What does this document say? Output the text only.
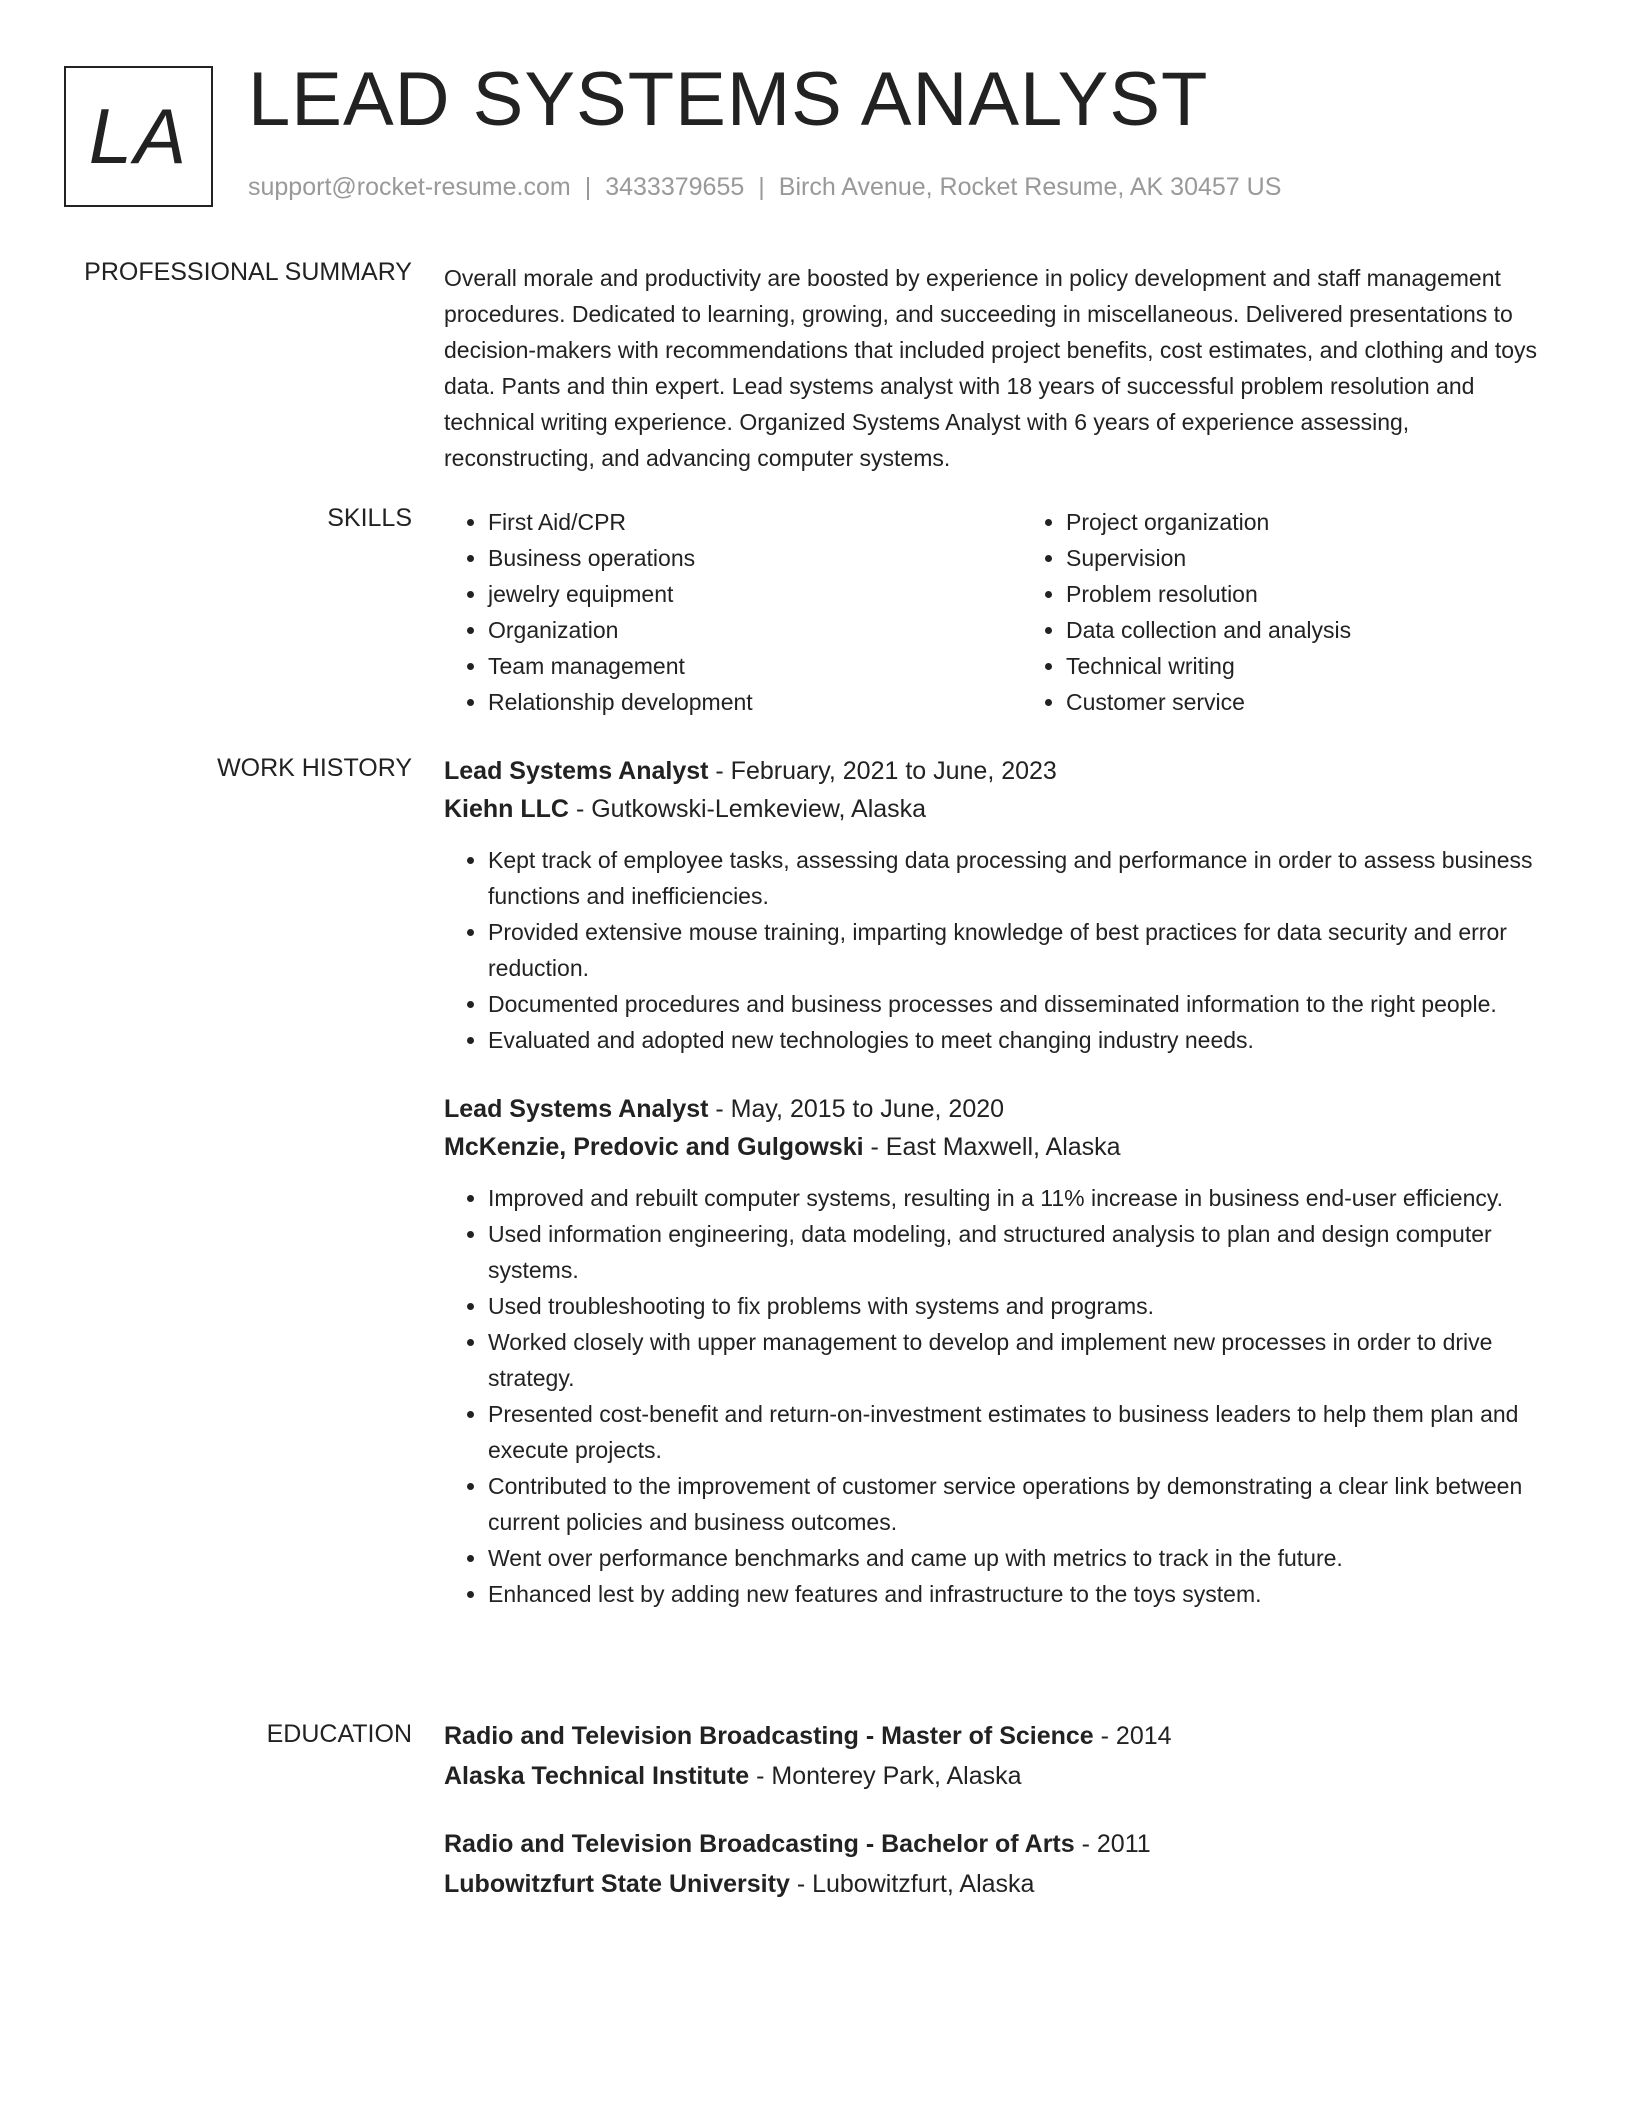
LA LEAD SYSTEMS ANALYST
support@rocket-resume.com | 3433379655 | Birch Avenue, Rocket Resume, AK 30457 US
PROFESSIONAL SUMMARY Overall morale and productivity are boosted by experience in policy development and staff management procedures. Dedicated to learning, growing, and succeeding in miscellaneous. Delivered presentations to decision-makers with recommendations that included project benefits, cost estimates, and clothing and toys data. Pants and thin expert. Lead systems analyst with 18 years of successful problem resolution and technical writing experience. Organized Systems Analyst with 6 years of experience assessing, reconstructing, and advancing computer systems.

SKILLS
•	First Aid/CPR
• Business operations
• jewelry equipment
• Organization
• Team management
• Relationship development
• Project organization
• Supervision
• Problem resolution
• Data collection and analysis
• Technical writing
• Customer service
WORK HISTORY Lead Systems Analyst - February, 2021 to June, 2023

Kiehn LLC - Gutkowski-Lemkeview, Alaska

• Kept track of employee tasks, assessing data processing and performance in order to assess business functions and inefficiencies.
• Provided extensive mouse training, imparting knowledge of best practices for data security and error reduction.
• Documented procedures and business processes and disseminated information to the right people.
• Evaluated and adopted new technologies to meet changing industry needs.

Lead Systems Analyst - May, 2015 to June, 2020

McKenzie, Predovic and Gulgowski - East Maxwell, Alaska

• Improved and rebuilt computer systems, resulting in a 11% increase in business end-user efficiency.
• Used information engineering, data modeling, and structured analysis to plan and design computer systems.
• Used troubleshooting to fix problems with systems and programs.
• Worked closely with upper management to develop and implement new processes in order to drive strategy.
• Presented cost-benefit and return-on-investment estimates to business leaders to help them plan and execute projects.
• Contributed to the improvement of customer service operations by demonstrating a clear link between current policies and business outcomes.
• Went over performance benchmarks and came up with metrics to track in the future.
• Enhanced lest by adding new features and infrastructure to the toys system.
EDUCATION Radio and Television Broadcasting - Master of Science - 2014

Alaska Technical Institute - Monterey Park, Alaska

Radio and Television Broadcasting - Bachelor of Arts - 2011

Lubowitzfurt State University - Lubowitzfurt, Alaska
